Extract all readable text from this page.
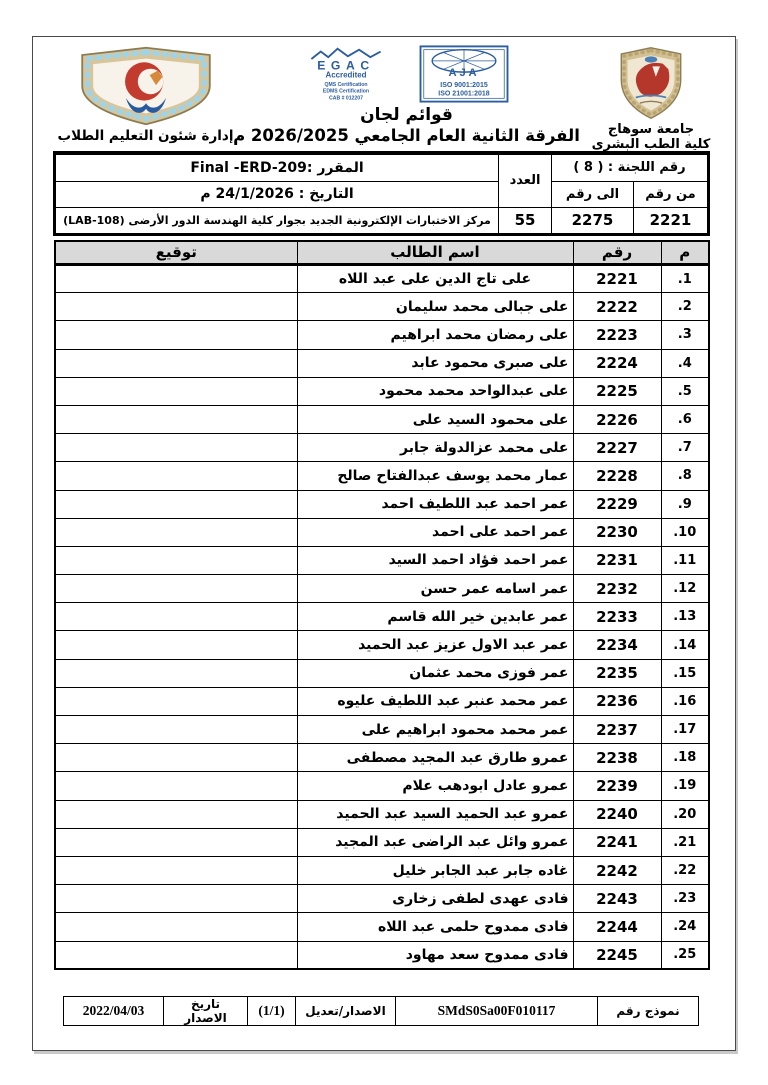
جامعة سوهاج
كلية الطب البشرى
EGAC
Accredited
QMS Certification
EDMS Certification
CAB # 012207
AJA
ISO 9001:2015
ISO 21001:2018
قوائم لجان
الفرقة الثانية العام الجامعي 2026/2025 م
إدارة شئون التعليم الطلاب
رقم اللجنة : ( 8 )		العدد	المقرر :Final -ERD-209
من رقم	الى رقم		التاريخ : 24/1/2026 م
2221	2275	55	مركز الاختبارات الإلكترونية الجديد بجوار كلية الهندسة الدور الأرضى (LAB-108)
م	رقم	اسم الطالب	توقيع
.1	2221	على تاج الدين على عبد اللاه	
.2	2222	على جبالى محمد سليمان	
.3	2223	على رمضان محمد ابراهيم	
.4	2224	على صبرى محمود عابد	
.5	2225	على عبدالواحد محمد محمود	
.6	2226	على محمود السيد على	
.7	2227	على محمد عزالدولة جابر	
.8	2228	عمار محمد يوسف عبدالفتاح صالح	
.9	2229	عمر احمد عبد اللطيف احمد	
.10	2230	عمر احمد على احمد	
.11	2231	عمر احمد فؤاد احمد السيد	
.12	2232	عمر اسامه عمر حسن	
.13	2233	عمر عابدين خير الله قاسم	
.14	2234	عمر عبد الاول عزيز عبد الحميد	
.15	2235	عمر فوزى محمد عثمان	
.16	2236	عمر محمد عنبر عبد اللطيف عليوه	
.17	2237	عمر محمد محمود ابراهيم على	
.18	2238	عمرو طارق عبد المجيد مصطفى	
.19	2239	عمرو عادل ابودهب علام	
.20	2240	عمرو عبد الحميد السيد عبد الحميد	
.21	2241	عمرو وائل عبد الراضى عبد المجيد	
.22	2242	غاده جابر عبد الجابر خليل	
.23	2243	فادى عهدى لطفى زخارى	
.24	2244	فادى ممدوح حلمى عبد اللاه	
.25	2245	فادى ممدوح سعد مهاود	
نموذج رقم	SMdS0Sa00F010117	الاصدار/تعديل	(1/1)	تاريخ الاصدار	2022/04/03
